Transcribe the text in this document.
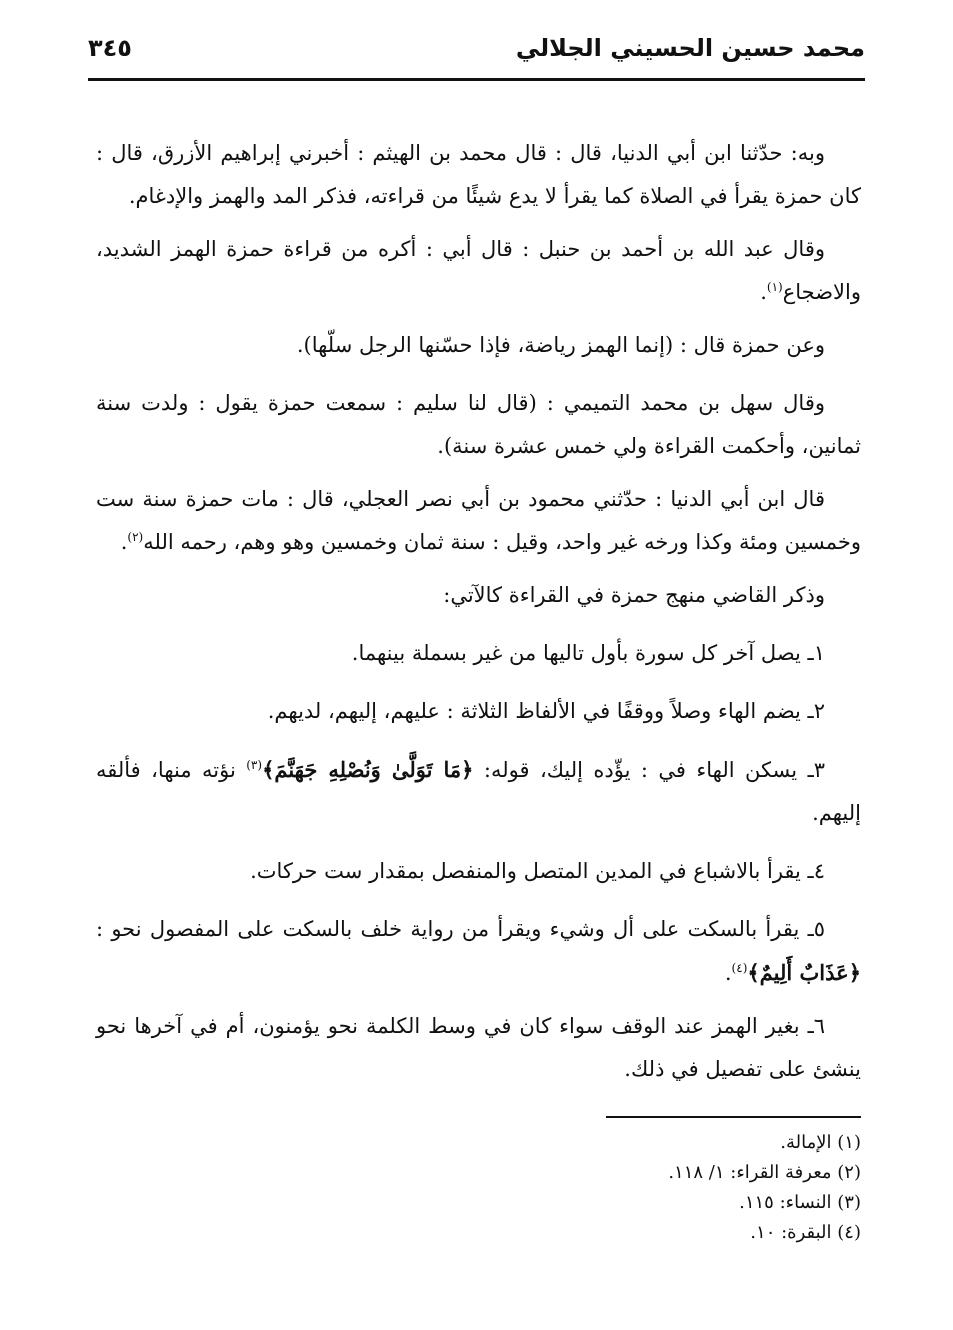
محمد حسين الحسيني الجلالي
٣٤٥

وبه: حدّثنا ابن أبي الدنيا، قال : قال محمد بن الهيثم : أخبرني إبراهيم الأزرق، قال : كان حمزة يقرأ في الصلاة كما يقرأ لا يدع شيئًا من قراءته، فذكر المد والهمز والإدغام.

وقال عبد الله بن أحمد بن حنبل : قال أبي : أكره من قراءة حمزة الهمز الشديد، والاضجاع$^{(١)}$.

وعن حمزة قال : (إنما الهمز رياضة، فإذا حسّنها الرجل سلّها).

وقال سهل بن محمد التميمي : (قال لنا سليم : سمعت حمزة يقول : ولدت سنة ثمانين، وأحكمت القراءة ولي خمس عشرة سنة).

قال ابن أبي الدنيا : حدّثني محمود بن أبي نصر العجلي، قال : مات حمزة سنة ست وخمسين ومئة وكذا ورخه غير واحد، وقيل : سنة ثمان وخمسين وهو وهم، رحمه الله$^{(٢)}$.

وذكر القاضي منهج حمزة في القراءة كالآتي:

١ـ يصل آخر كل سورة بأول تاليها من غير بسملة بينهما.

٢ـ يضم الهاء وصلاً ووقفًا في الألفاظ الثلاثة : عليهم، إليهم، لديهم.

٣ـ يسكن الهاء في : يؤّده إليك، قوله: ﴿مَا تَوَلَّىٰ وَنُصْلِهِ جَهَنَّمَ﴾$^{(٣)}$ نؤته منها، فألقه إليهم.

٤ـ يقرأ بالاشباع في المدين المتصل والمنفصل بمقدار ست حركات.

٥ـ يقرأ بالسكت على أل وشيء ويقرأ من رواية خلف بالسكت على المفصول نحو : ﴿عَذَابٌ أَلِيمٌ﴾$^{(٤)}$.

٦ـ بغير الهمز عند الوقف سواء كان في وسط الكلمة نحو يؤمنون، أم في آخرها نحو ينشئ على تفصيل في ذلك.

(١) الإمالة.
(٢) معرفة القراء: ١/ ١١٨.
(٣) النساء: ١١٥.
(٤) البقرة: ١٠.
